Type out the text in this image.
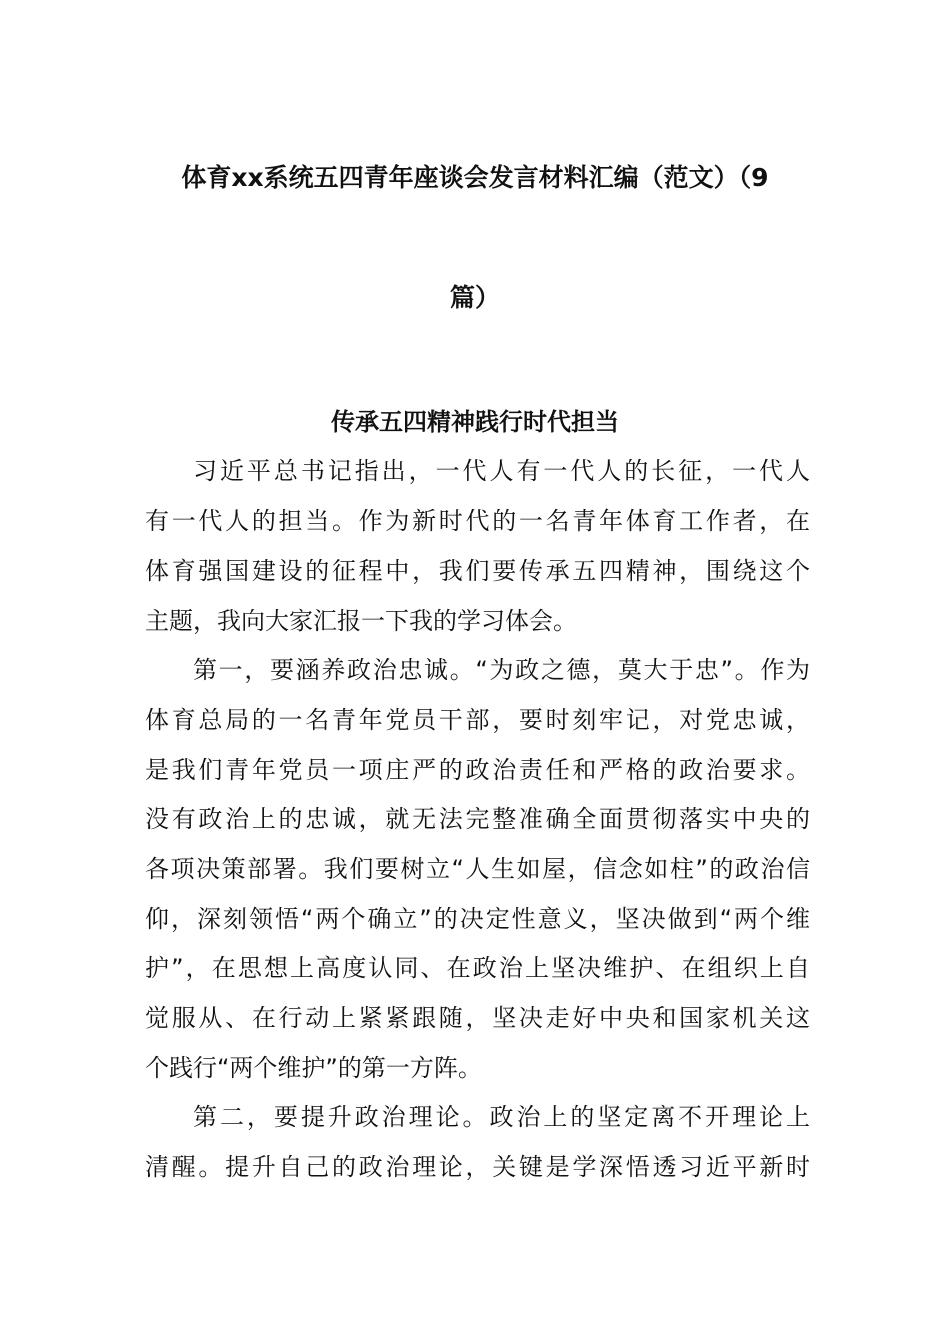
体育xx系统五四青年座谈会发言材料汇编（范文）（9
篇）
传承五四精神践行时代担当

习近平总书记指出，一代人有一代人的长征，一代人

有一代人的担当。作为新时代的一名青年体育工作者，在

体育强国建设的征程中，我们要传承五四精神，围绕这个

主题，我向大家汇报一下我的学习体会。

第一，要涵养政治忠诚。“为政之德，莫大于忠”。作为

体育总局的一名青年党员干部，要时刻牢记，对党忠诚，

是我们青年党员一项庄严的政治责任和严格的政治要求。

没有政治上的忠诚，就无法完整准确全面贯彻落实中央的

各项决策部署。我们要树立“人生如屋，信念如柱”的政治信

仰，深刻领悟“两个确立”的决定性意义，坚决做到“两个维

护”，在思想上高度认同、在政治上坚决维护、在组织上自

觉服从、在行动上紧紧跟随，坚决走好中央和国家机关这

个践行“两个维护”的第一方阵。

第二，要提升政治理论。政治上的坚定离不开理论上

清醒。提升自己的政治理论，关键是学深悟透习近平新时
